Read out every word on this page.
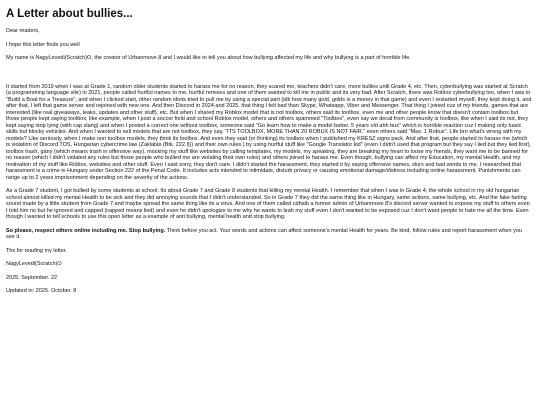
A Letter about bullies...

Dear readers,

I hope this letter finds you well

My name is NagyLevedi(Scratch)O, the creator of Urbanmove 8 and I would like to tell you about how bullying affected my life and why bullying is a part of horrible life.

It started from 2019 when I was at Grade 1, random older students started to harass me for no reason, they scared me, teachers didn't care, more bullies until Grade 4, etc. Then, cyberbullying was started at Scratch (a programming language site) in 2021, people called hurtful names to me, hurtful remixes and one of them wanted to kill me in public and its very bad. After Scratch, there was Roblox cyberbullying too, when I was in "Build a Boat for a Treasure", and when I clicked start, other random idiots tried to pull me by using a special part (idk how many gold, golds is a money in that game) and even I restarted myself, they kept doing it, and after that, I left that game server and rejoined with new one. And then Discord in 2024 and 2025, that thing I felt bad than Skype, Whatsapp, Viber and Messenger. That thing I joined cuz of my friends, games that are interested (like real giveaways, leaks, updates and other stuff), etc. But when I shared my Roblox model that is not toolbox, others said its toolbox, even me and other people know that doesn't contain toolbox but those people kept saying toolbox, like example, when I post a soccer field and school Roblox model, others and others spammed "Toolbox", even say we decal from community is toolbox, like when I said its not, they kept saying stop lying (with cap slang) and when I posted a correct one without toolbox, someone said "Go learn how to make a model better. 5 years old ahh bus" which is horrible reaction cuz I making only basic skills but blocky vehicles. And when I wanted to sell models that are not toolbox, they say, "ITS TOOLBOX, MORE THAN 20 ROBUX IS NOT FAIR." even others said "Max. 1 Robux". Life bro what's wrong with my models? Like seriously, when I make non toolbox models, they think its toolbox. And even they said (or thinking) its toolbox when I published my KRESZ signs pack. And after that, people started to harass me (which is violation of Discord TOS, Hungarian cybercrime law (Zaklatás (Btk. 222.§)) and their own rules.) by using hurtful stuff like "Google Translator kid" (even I didn't used that program but they say I lied but they lied first), toolbox trash, gány (which means trash in offensive way), mocking my stuff like websites by calling templates, my models, my speaking, they are breaking my heart to loose my friends, they want me to be banned for no reason (which I didn't violated any rules but those people who bullied me are violating their own rules) and others joined to harass me. Even though, bullying can affect my Education, my mental Health, and my motivation of my stuff like Roblox, websites and other stuff. Even I said sorry, they don't care. I didn't started the harassment, they started it by saying offensive names, slurs and bad words to me. I researched that harassment is a crime in Hungary under Section 222 of the Penal Code. It includes acts intended to intimidate, disturb privacy or causing emotional damage/distress including online harassment. Punishments can range up to 2 years imprisonment depending on the severity of the actions.

As a Grade 7 student, I got bullied by some students at school. Its about Grade 7 and Grade 8 students that killing my mental Health. I remember that when I was in Grade 4, the whole school in my old hungarian school almost killed my mental Health to be sick and they did annoying sounds that I didn't understanded. So in Grade 7 they did the same thing like in Hungary, same actions, same bullying, etc. And the fake farting sound made by a little student from Grade 7 and maybe spread the same thing like its a virus. And one of them called cdhaib a former admin of Urbanmove 8's discord server wanted to expose my stuff to others even I told him no but he ignored and capped (capped means lied) and even he didn't apologize to me why he wants to leah my stuff even I don't wanted to be exposed cuz I don't want people to hate me all the time. Even though I wanted to tell schools to use this open letter as a example of anti bullying, mental health and stop bullying.

So please, respect others online including me. Stop bullying. Think before you act. Your words and actions can affect someone's mental Health for years. Be kind, follow rules and report harassment when you see it.

Thx for reading my letter.

NagyLevedi(Scratch)O

2025. September. 22

Updated in: 2025. October. 8
